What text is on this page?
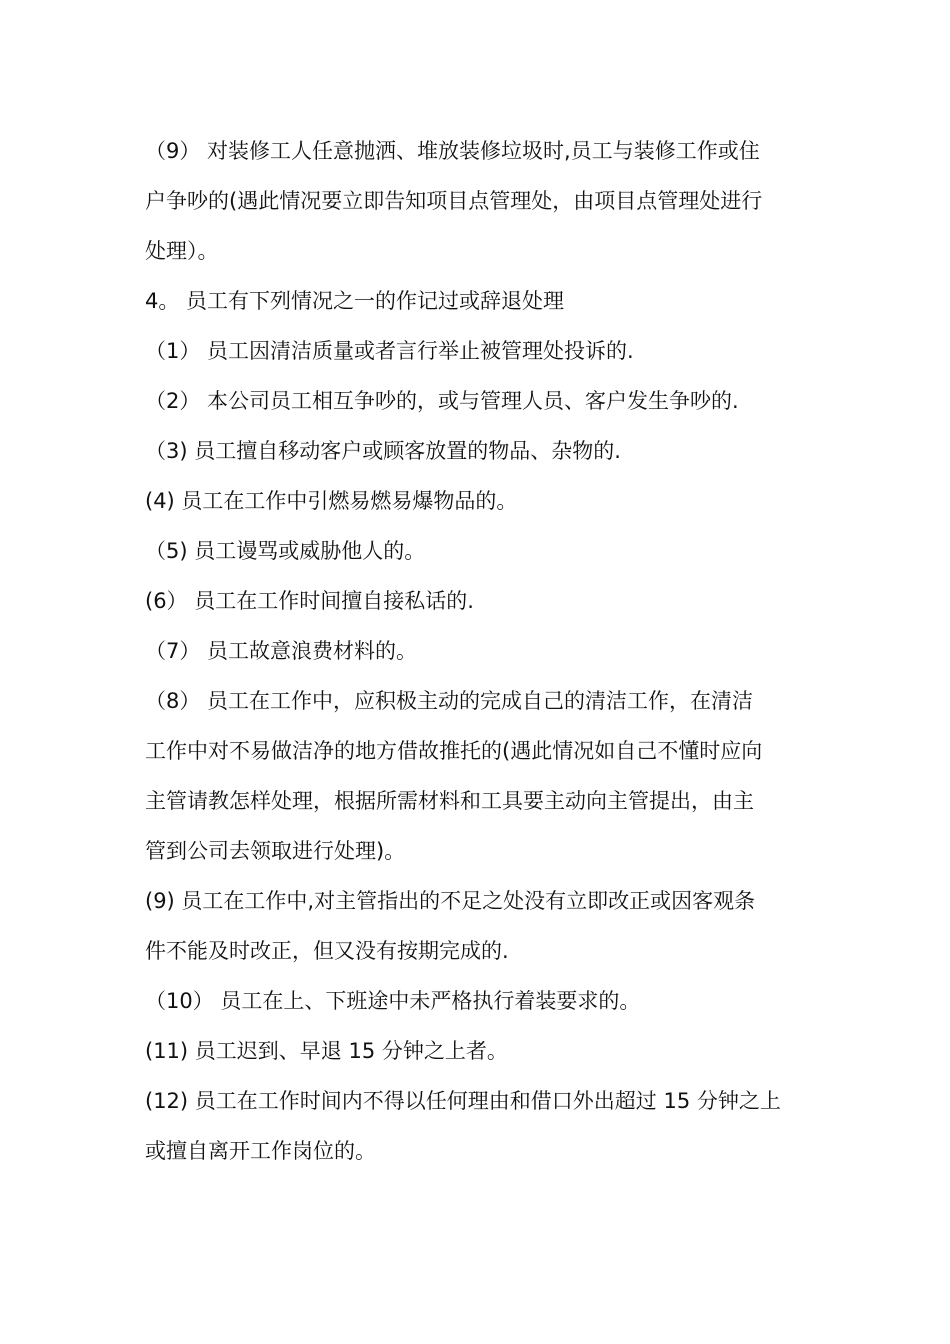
（9） 对装修工人任意抛洒、堆放装修垃圾时,员工与装修工作或住
户争吵的(遇此情况要立即告知项目点管理处，由项目点管理处进行
处理）。
4。 员工有下列情况之一的作记过或辞退处理
（1） 员工因清洁质量或者言行举止被管理处投诉的.
（2） 本公司员工相互争吵的，或与管理人员、客户发生争吵的.
（3) 员工擅自移动客户或顾客放置的物品、杂物的.
(4) 员工在工作中引燃易燃易爆物品的。
（5) 员工谩骂或威胁他人的。
(6） 员工在工作时间擅自接私话的.
（7） 员工故意浪费材料的。
（8） 员工在工作中，应积极主动的完成自己的清洁工作，在清洁
工作中对不易做洁净的地方借故推托的(遇此情况如自己不懂时应向
主管请教怎样处理，根据所需材料和工具要主动向主管提出，由主
管到公司去领取进行处理)。
(9) 员工在工作中,对主管指出的不足之处没有立即改正或因客观条
件不能及时改正，但又没有按期完成的.
（10） 员工在上、下班途中未严格执行着装要求的。
(11) 员工迟到、早退 15 分钟之上者。
(12) 员工在工作时间内不得以任何理由和借口外出超过 15 分钟之上
或擅自离开工作岗位的。
